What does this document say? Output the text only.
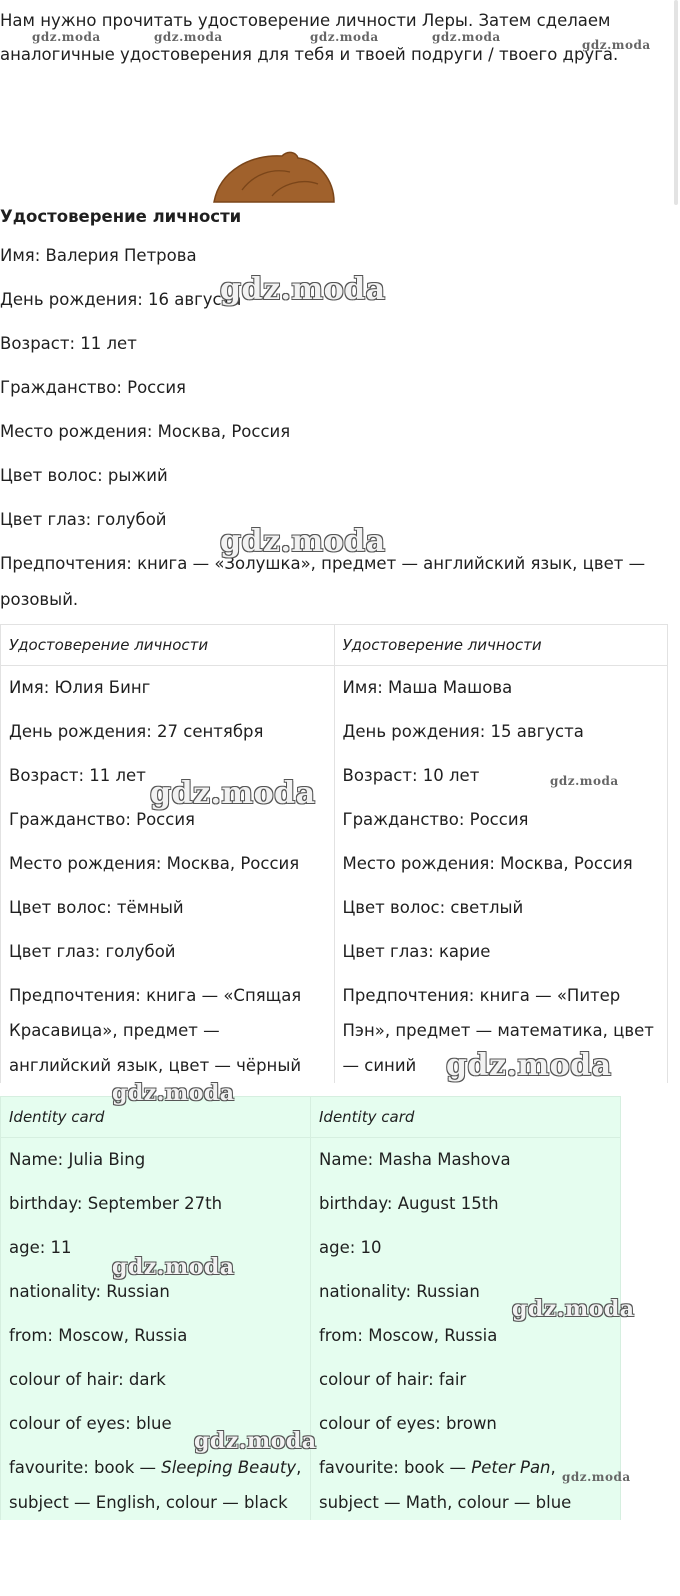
Нам нужно прочитать удостоверение личности Леры. Затем сделаем аналогичные удостоверения для тебя и твоей подруги / твоего друга.

Удостоверение личности

Имя: Валерия Петрова

День рождения: 16 августа

Возраст: 11 лет

Гражданство: Россия

Место рождения: Москва, Россия

Цвет волос: рыжий

Цвет глаз: голубой

Предпочтения: книга — «Золушка», предмет — английский язык, цвет — розовый.

Удостоверение личности	Удостоверение личности
Имя: Юлия Бинг	Имя: Маша Машова
День рождения: 27 сентября	День рождения: 15 августа
Возраст: 11 лет	Возраст: 10 лет
Гражданство: Россия	Гражданство: Россия
Место рождения: Москва, Россия	Место рождения: Москва, Россия
Цвет волос: тёмный	Цвет волос: светлый
Цвет глаз: голубой	Цвет глаз: карие
Предпочтения: книга — «Спящая Красавица», предмет — английский язык, цвет — чёрный	Предпочтения: книга — «Питер Пэн», предмет — математика, цвет — синий
Identity card	Identity card
Name: Julia Bing	Name: Masha Mashova
birthday: September 27th	birthday: August 15th
age: 11	age: 10
nationality: Russian	nationality: Russian
from: Moscow, Russia	from: Moscow, Russia
colour of hair: dark	colour of hair: fair
colour of eyes: blue	colour of eyes: brown
favourite: book — Sleeping Beauty, subject — English, colour — black	favourite: book — Peter Pan, subject — Math, colour — blue
gdz.moda	gdz.moda	gdz.moda	gdz.moda
gdz.moda
gdz.moda
gdz.moda
gdz.moda	gdz.moda
gdz.moda
gdz.moda
gdz.moda
gdz.moda
gdz.moda
gdz.moda
